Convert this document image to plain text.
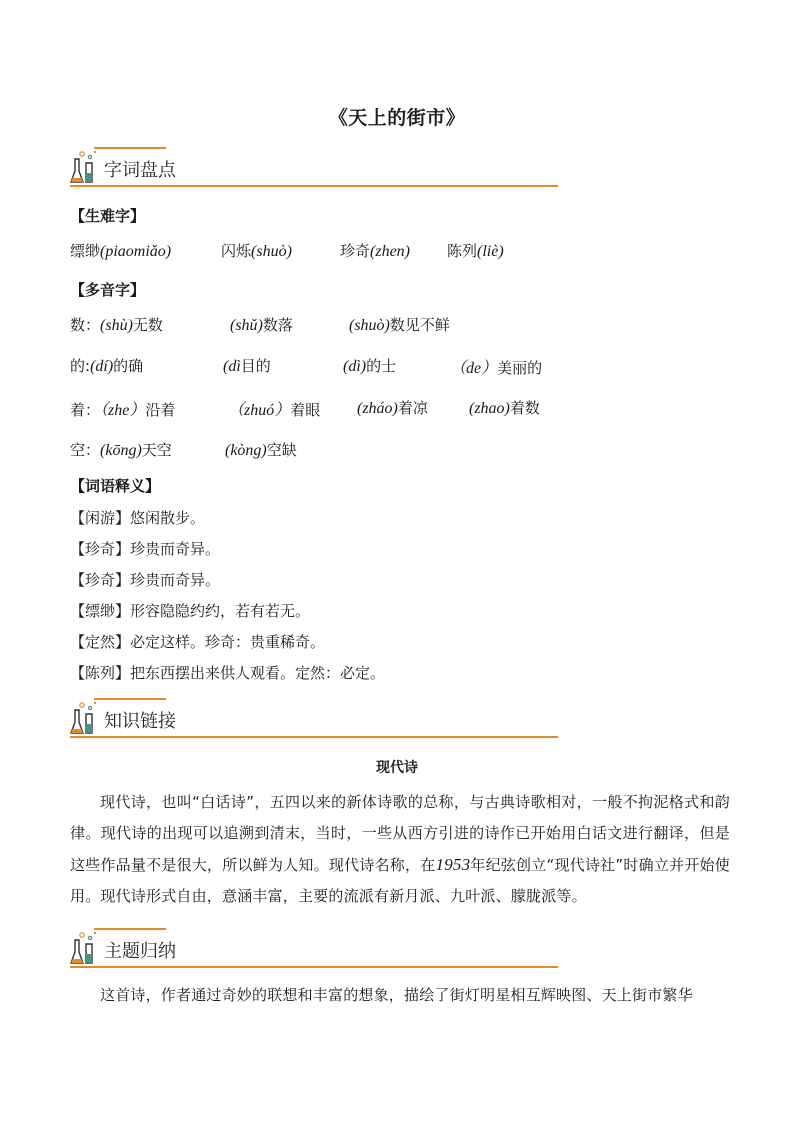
《天上的街市》
字词盘点
【生难字】
缥缈(piaomiǎo)	闪烁(shuò)	珍奇(zhen) 陈列(liè)
【多音字】
数：(shù)无数	(shǔ)数落	(shuò)数见不鲜
的:(dí)的确	(dì目的	(dì)的士	（de）美丽的
着：（zhe）沿着	（zhuó）着眼 (zháo)着凉	(zhao)着数
空：(kōng)天空	(kòng)空缺
【词语释义】
【闲游】悠闲散步。
【珍奇】珍贵而奇异。
【珍奇】珍贵而奇异。
【缥缈】形容隐隐约约，若有若无。
【定然】必定这样。珍奇：贵重稀奇。
【陈列】把东西摆出来供人观看。定然：必定。
知识链接
现代诗
现代诗，也叫“白话诗”，五四以来的新体诗歌的总称，与古典诗歌相对，一般不拘泥格式和韵律。现代诗的出现可以追溯到清末，当时，一些从西方引进的诗作已开始用白话文进行翻译，但是这些作品量不是很大，所以鲜为人知。现代诗名称，在1953年纪弦创立“现代诗社”时确立并开始使用。现代诗形式自由，意涵丰富，主要的流派有新月派、九叶派、朦胧派等。
主题归纳
这首诗，作者通过奇妙的联想和丰富的想象，描绘了街灯明星相互辉映图、天上街市繁华
